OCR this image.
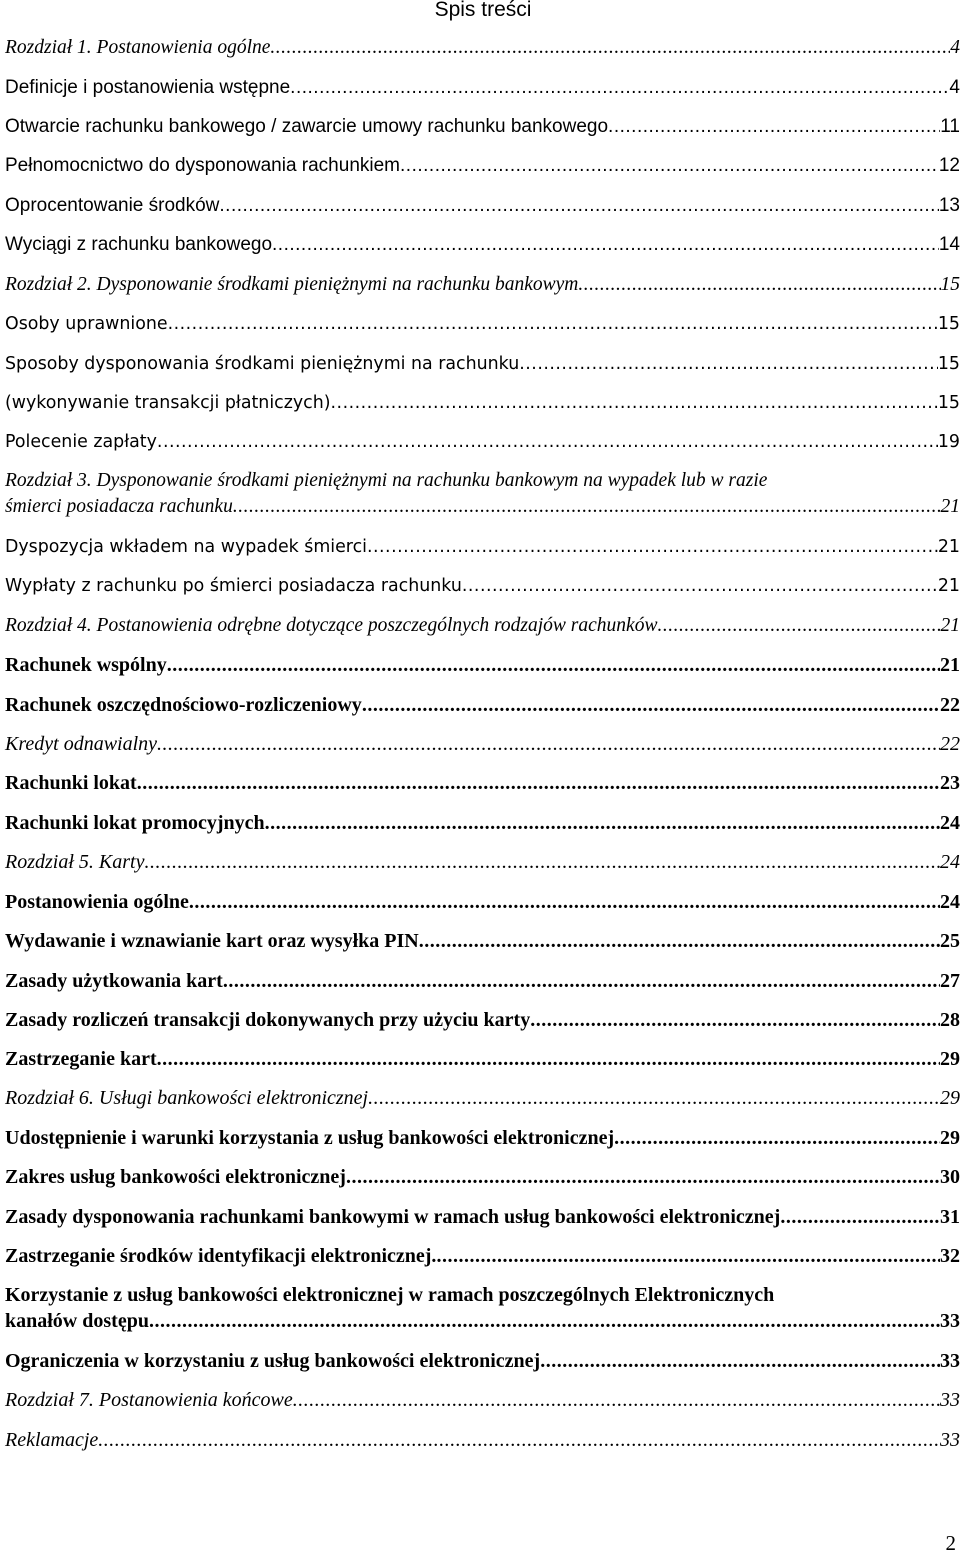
Spis treści
Rozdział 1. Postanowienia ogólne .....	4
Definicje i postanowienia wstępne .....	4
Otwarcie rachunku bankowego / zawarcie umowy rachunku bankowego .....	11
Pełnomocnictwo do dysponowania rachunkiem .....	12
Oprocentowanie środków .....	13
Wyciągi z rachunku bankowego .....	14
Rozdział 2. Dysponowanie środkami pieniężnymi na rachunku bankowym .....	15
Osoby uprawnione .....	15
Sposoby dysponowania środkami pieniężnymi na rachunku .....	15
(wykonywanie transakcji płatniczych) .....	15
Polecenie zapłaty .....	19
Rozdział 3. Dysponowanie środkami pieniężnymi na rachunku bankowym na wypadek lub w razie
śmierci posiadacza rachunku .....	21
Dyspozycja wkładem na wypadek śmierci .....	21
Wypłaty z rachunku po śmierci posiadacza rachunku .....	21
Rozdział 4. Postanowienia odrębne dotyczące poszczególnych rodzajów rachunków .....	21
Rachunek wspólny .....	21
Rachunek oszczędnościowo-rozliczeniowy .....	22
Kredyt odnawialny .....	22
Rachunki lokat .....	23
Rachunki lokat promocyjnych .....	24
Rozdział 5. Karty .....	24
Postanowienia ogólne .....	24
Wydawanie i wznawianie kart oraz wysyłka PIN .....	25
Zasady użytkowania kart .....	27
Zasady rozliczeń transakcji dokonywanych przy użyciu karty .....	28
Zastrzeganie kart .....	29
Rozdział 6. Usługi bankowości elektronicznej .....	29
Udostępnienie i warunki korzystania z usług bankowości elektronicznej .....	29
Zakres usług bankowości elektronicznej .....	30
Zasady dysponowania rachunkami bankowymi w ramach usług bankowości elektronicznej .....	31
Zastrzeganie środków identyfikacji elektronicznej. .....	32
Korzystanie z usług bankowości elektronicznej w ramach poszczególnych Elektronicznych
kanałów dostępu .....	33
Ograniczenia w korzystaniu z usług bankowości elektronicznej .....	33
Rozdział 7. Postanowienia końcowe .....	33
Reklamacje .....	33
2
